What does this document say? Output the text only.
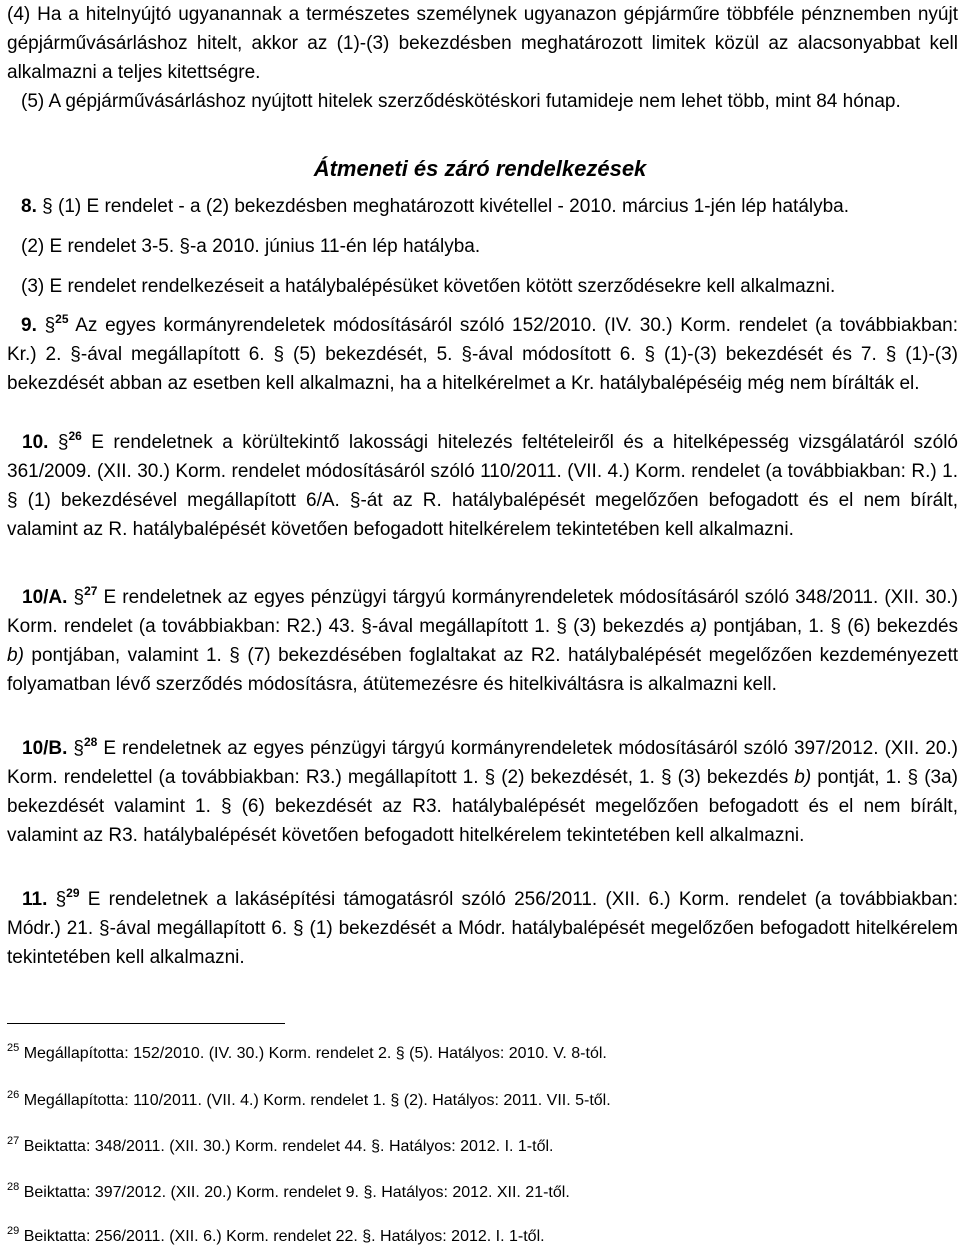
(4) Ha a hitelnyújtó ugyanannak a természetes személynek ugyanazon gépjárműre többféle pénznemben nyújt gépjárművásárláshoz hitelt, akkor az (1)-(3) bekezdésben meghatározott limitek közül az alacsonyabbat kell alkalmazni a teljes kitettségre.

(5) A gépjárművásárláshoz nyújtott hitelek szerződéskötéskori futamideje nem lehet több, mint 84 hónap.

Átmeneti és záró rendelkezések

8. § (1) E rendelet - a (2) bekezdésben meghatározott kivétellel - 2010. március 1-jén lép hatályba.

(2) E rendelet 3-5. §-a 2010. június 11-én lép hatályba.

(3) E rendelet rendelkezéseit a hatálybalépésüket követően kötött szerződésekre kell alkalmazni.

9. §$^{25}$ Az egyes kormányrendeletek módosításáról szóló 152/2010. (IV. 30.) Korm. rendelet (a továbbiakban: Kr.) 2. §-ával megállapított 6. § (5) bekezdését, 5. §-ával módosított 6. § (1)-(3) bekezdését és 7. § (1)-(3) bekezdését abban az esetben kell alkalmazni, ha a hitelkérelmet a Kr. hatálybalépéséig még nem bírálták el.

10. §$^{26}$ E rendeletnek a körültekintő lakossági hitelezés feltételeiről és a hitelképesség vizsgálatáról szóló 361/2009. (XII. 30.) Korm. rendelet módosításáról szóló 110/2011. (VII. 4.) Korm. rendelet (a továbbiakban: R.) 1. § (1) bekezdésével megállapított 6/A. §-át az R. hatálybalépését megelőzően befogadott és el nem bírált, valamint az R. hatálybalépését követően befogadott hitelkérelem tekintetében kell alkalmazni.

10/A. §$^{27}$ E rendeletnek az egyes pénzügyi tárgyú kormányrendeletek módosításáról szóló 348/2011. (XII. 30.) Korm. rendelet (a továbbiakban: R2.) 43. §-ával megállapított 1. § (3) bekezdés a) pontjában, 1. § (6) bekezdés b) pontjában, valamint 1. § (7) bekezdésében foglaltakat az R2. hatálybalépését megelőzően kezdeményezett folyamatban lévő szerződés módosításra, átütemezésre és hitelkiváltásra is alkalmazni kell.

10/B. §$^{28}$ E rendeletnek az egyes pénzügyi tárgyú kormányrendeletek módosításáról szóló 397/2012. (XII. 20.) Korm. rendelettel (a továbbiakban: R3.) megállapított 1. § (2) bekezdését, 1. § (3) bekezdés b) pontját, 1. § (3a) bekezdését valamint 1. § (6) bekezdését az R3. hatálybalépését megelőzően befogadott és el nem bírált, valamint az R3. hatálybalépését követően befogadott hitelkérelem tekintetében kell alkalmazni.

11. §$^{29}$ E rendeletnek a lakásépítési támogatásról szóló 256/2011. (XII. 6.) Korm. rendelet (a továbbiakban: Módr.) 21. §-ával megállapított 6. § (1) bekezdését a Módr. hatálybalépését megelőzően befogadott hitelkérelem tekintetében kell alkalmazni.

$^{25}$ Megállapította: 152/2010. (IV. 30.) Korm. rendelet 2. § (5). Hatályos: 2010. V. 8-tól.

$^{26}$ Megállapította: 110/2011. (VII. 4.) Korm. rendelet 1. § (2). Hatályos: 2011. VII. 5-től.

$^{27}$ Beiktatta: 348/2011. (XII. 30.) Korm. rendelet 44. §. Hatályos: 2012. I. 1-től.

$^{28}$ Beiktatta: 397/2012. (XII. 20.) Korm. rendelet 9. §. Hatályos: 2012. XII. 21-től.

$^{29}$ Beiktatta: 256/2011. (XII. 6.) Korm. rendelet 22. §. Hatályos: 2012. I. 1-től.
